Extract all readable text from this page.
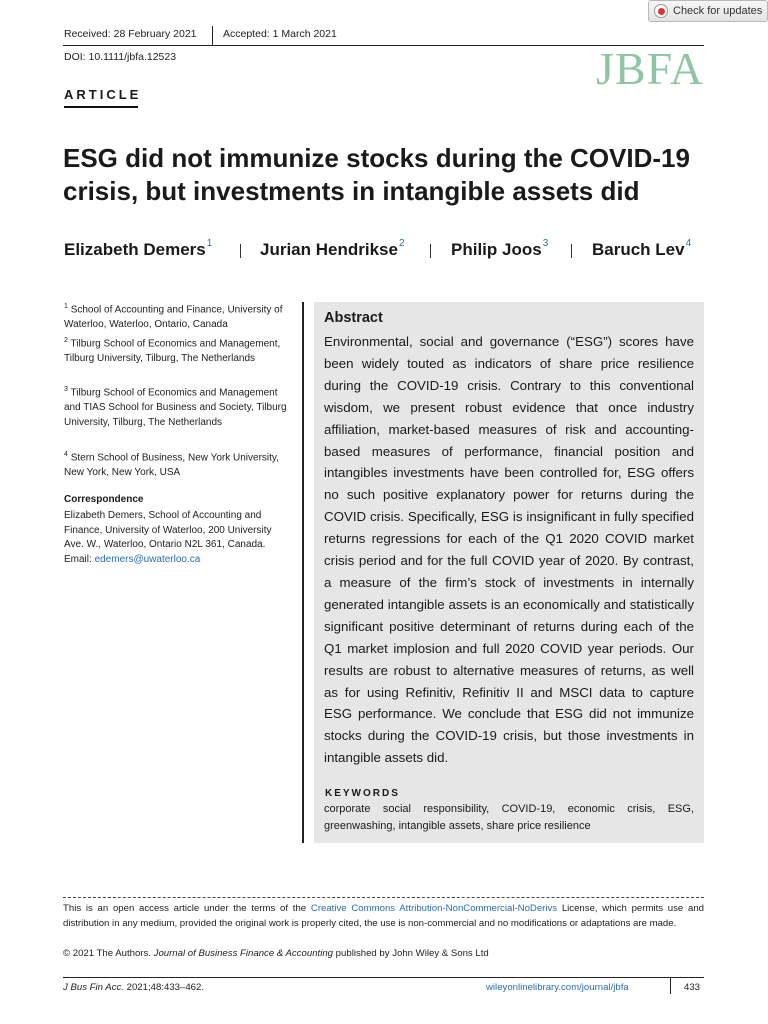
Check for updates
Received: 28 February 2021	Accepted: 1 March 2021
DOI: 10.1111/jbfa.12523	JBFA
ARTICLE
ESG did not immunize stocks during the COVID-19 crisis, but investments in intangible assets did
Elizabeth Demers$^1$	Jurian Hendrikse$^2$	Philip Joos$^3$	Baruch Lev$^4$
$^1$ School of Accounting and Finance, University of Waterloo, Waterloo, Ontario, Canada
$^2$ Tilburg School of Economics and Management, Tilburg University, Tilburg, The Netherlands
$^3$ Tilburg School of Economics and Management and TIAS School for Business and Society, Tilburg University, Tilburg, The Netherlands
$^4$ Stern School of Business, New York University, New York, New York, USA
Correspondence
Elizabeth Demers, School of Accounting and Finance, University of Waterloo, 200 University Ave. W., Waterloo, Ontario N2L 361, Canada.
Email: edemers@uwaterloo.ca
Abstract
Environmental, social and governance (“ESG”) scores have been widely touted as indicators of share price resilience during the COVID-19 crisis. Contrary to this conventional wisdom, we present robust evidence that once industry affiliation, market-based measures of risk and accounting-based measures of performance, financial position and intangibles investments have been controlled for, ESG offers no such positive explanatory power for returns during the COVID crisis. Specifically, ESG is insignificant in fully specified returns regressions for each of the Q1 2020 COVID market crisis period and for the full COVID year of 2020. By contrast, a measure of the firm’s stock of investments in internally generated intangible assets is an economically and statistically significant positive determinant of returns during each of the Q1 market implosion and full 2020 COVID year periods. Our results are robust to alternative measures of returns, as well as for using Refinitiv, Refinitiv II and MSCI data to capture ESG performance. We conclude that ESG did not immunize stocks during the COVID-19 crisis, but those investments in intangible assets did.
KEYWORDS
corporate social responsibility, COVID-19, economic crisis, ESG, greenwashing, intangible assets, share price resilience
This is an open access article under the terms of the Creative Commons Attribution-NonCommercial-NoDerivs License, which permits use and distribution in any medium, provided the original work is properly cited, the use is non-commercial and no modifications or adaptations are made.
© 2021 The Authors. Journal of Business Finance & Accounting published by John Wiley & Sons Ltd
J Bus Fin Acc. 2021;48:433–462.	wileyonlinelibrary.com/journal/jbfa	433
